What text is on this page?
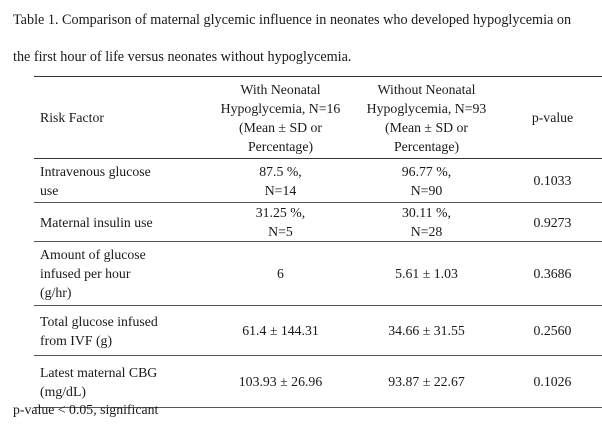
Table 1. Comparison of maternal glycemic influence in neonates who developed hypoglycemia on
the first hour of life versus neonates without hypoglycemia.

Risk Factor	With Neonatal
Hypoglycemia, N=16
(Mean ± SD or
Percentage)	Without Neonatal
Hypoglycemia, N=93
(Mean ± SD or
Percentage)	p-value

Intravenous glucose
use	87.5 %,
N=14	96.77 %,
N=90	0.1033

Maternal insulin use	31.25 %,
N=5	30.11 %,
N=28	0.9273

Amount of glucose
infused per hour
(g/hr)	6	5.61 ± 1.03	0.3686

Total glucose infused
from IVF (g)	61.4 ± 144.31	34.66 ± 31.55	0.2560

Latest maternal CBG
(mg/dL)	103.93 ± 26.96	93.87 ± 22.67	0.1026

p-value < 0.05, significant
